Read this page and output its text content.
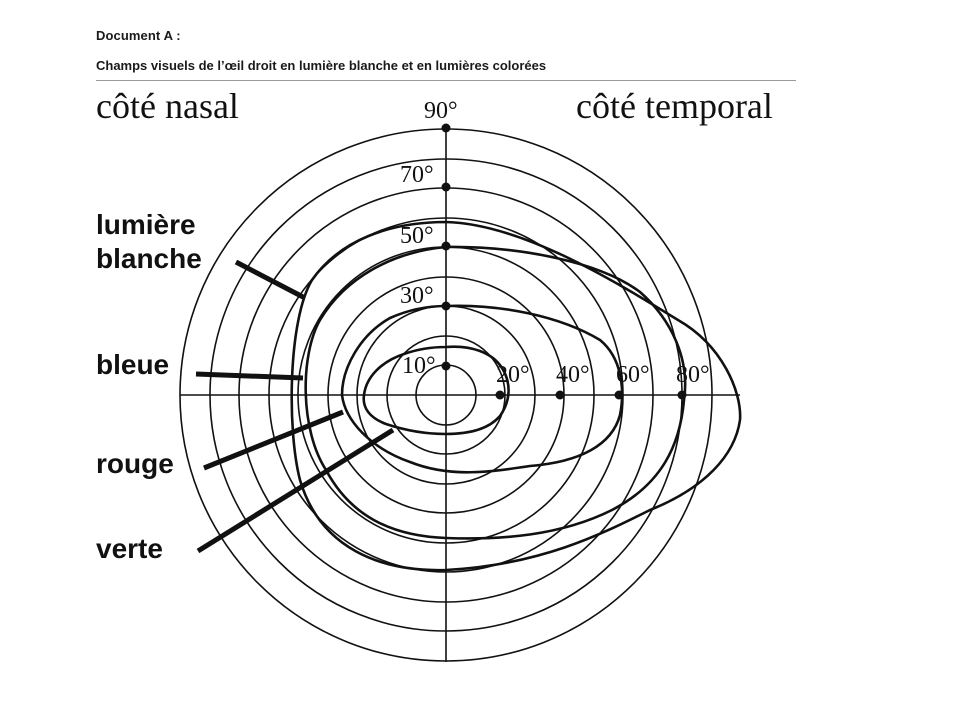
Document A :
Champs visuels de l’œil droit en lumière blanche et en lumières colorées
côté nasal	côté temporal
90°
70°
50°
30°
10°	20° 40° 60° 80°
lumière
blanche
bleue
rouge
verte
